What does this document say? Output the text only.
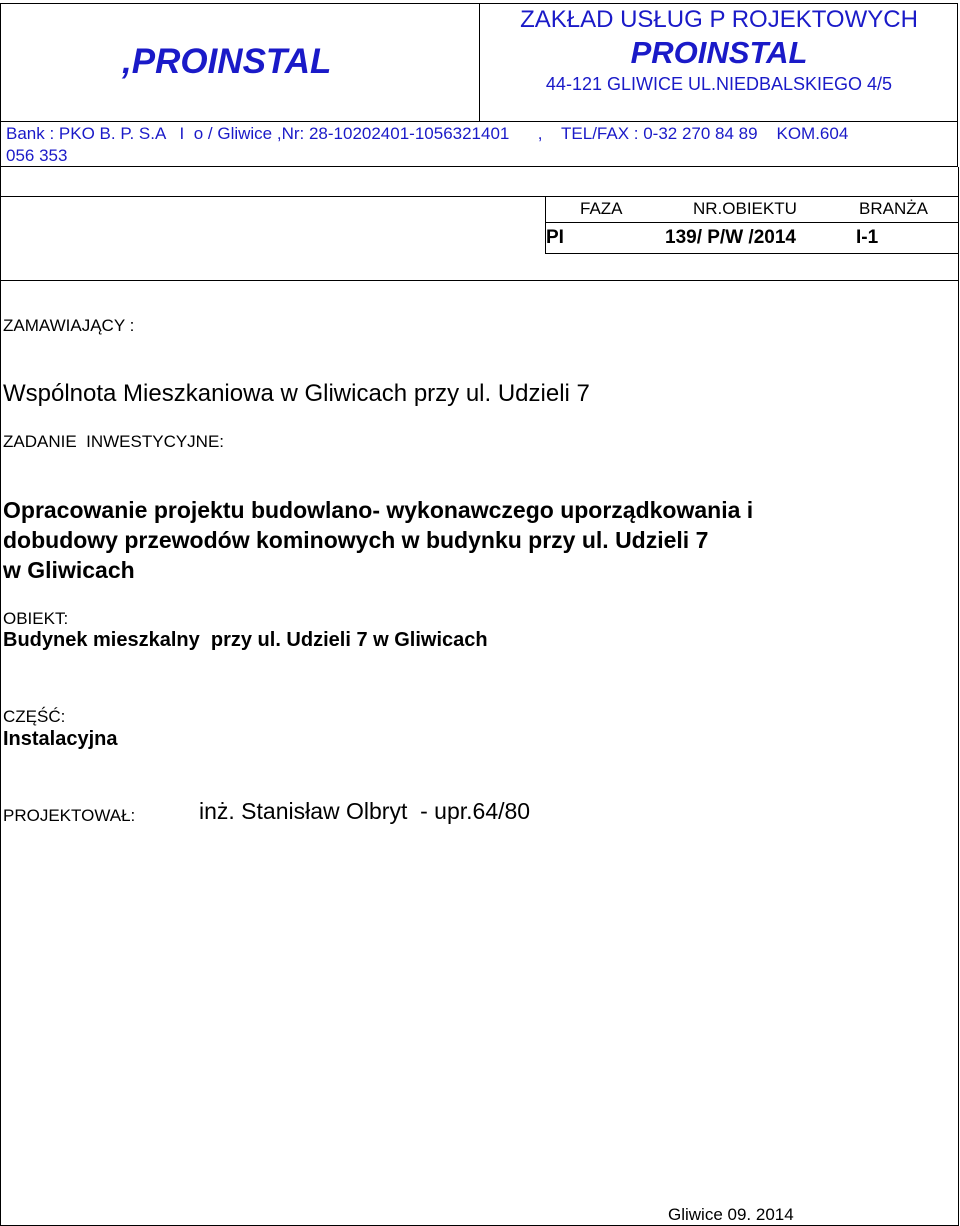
,PROINSTAL
ZAKŁAD USŁUG P ROJEKTOWYCH
PROINSTAL
44-121 GLIWICE UL.NIEDBALSKIEGO 4/5
Bank : PKO B. P. S.A   I  o / Gliwice ,Nr: 28-10202401-1056321401      ,    TEL/FAX : 0-32 270 84 89    KOM.604
056 353
FAZA	NR.OBIEKTU	BRANŻA
PI	139/ P/W /2014	I-1
ZAMAWIAJĄCY :
Wspólnota Mieszkaniowa w Gliwicach przy ul. Udzieli 7
ZADANIE  INWESTYCYJNE:
Opracowanie projektu budowlano- wykonawczego uporządkowania i
dobudowy przewodów kominowych w budynku przy ul. Udzieli 7
w Gliwicach
OBIEKT:
Budynek mieszkalny  przy ul. Udzieli 7 w Gliwicach
CZĘŚĆ:
Instalacyjna
PROJEKTOWAŁ:	inż. Stanisław Olbryt  - upr.64/80
Gliwice 09. 2014
